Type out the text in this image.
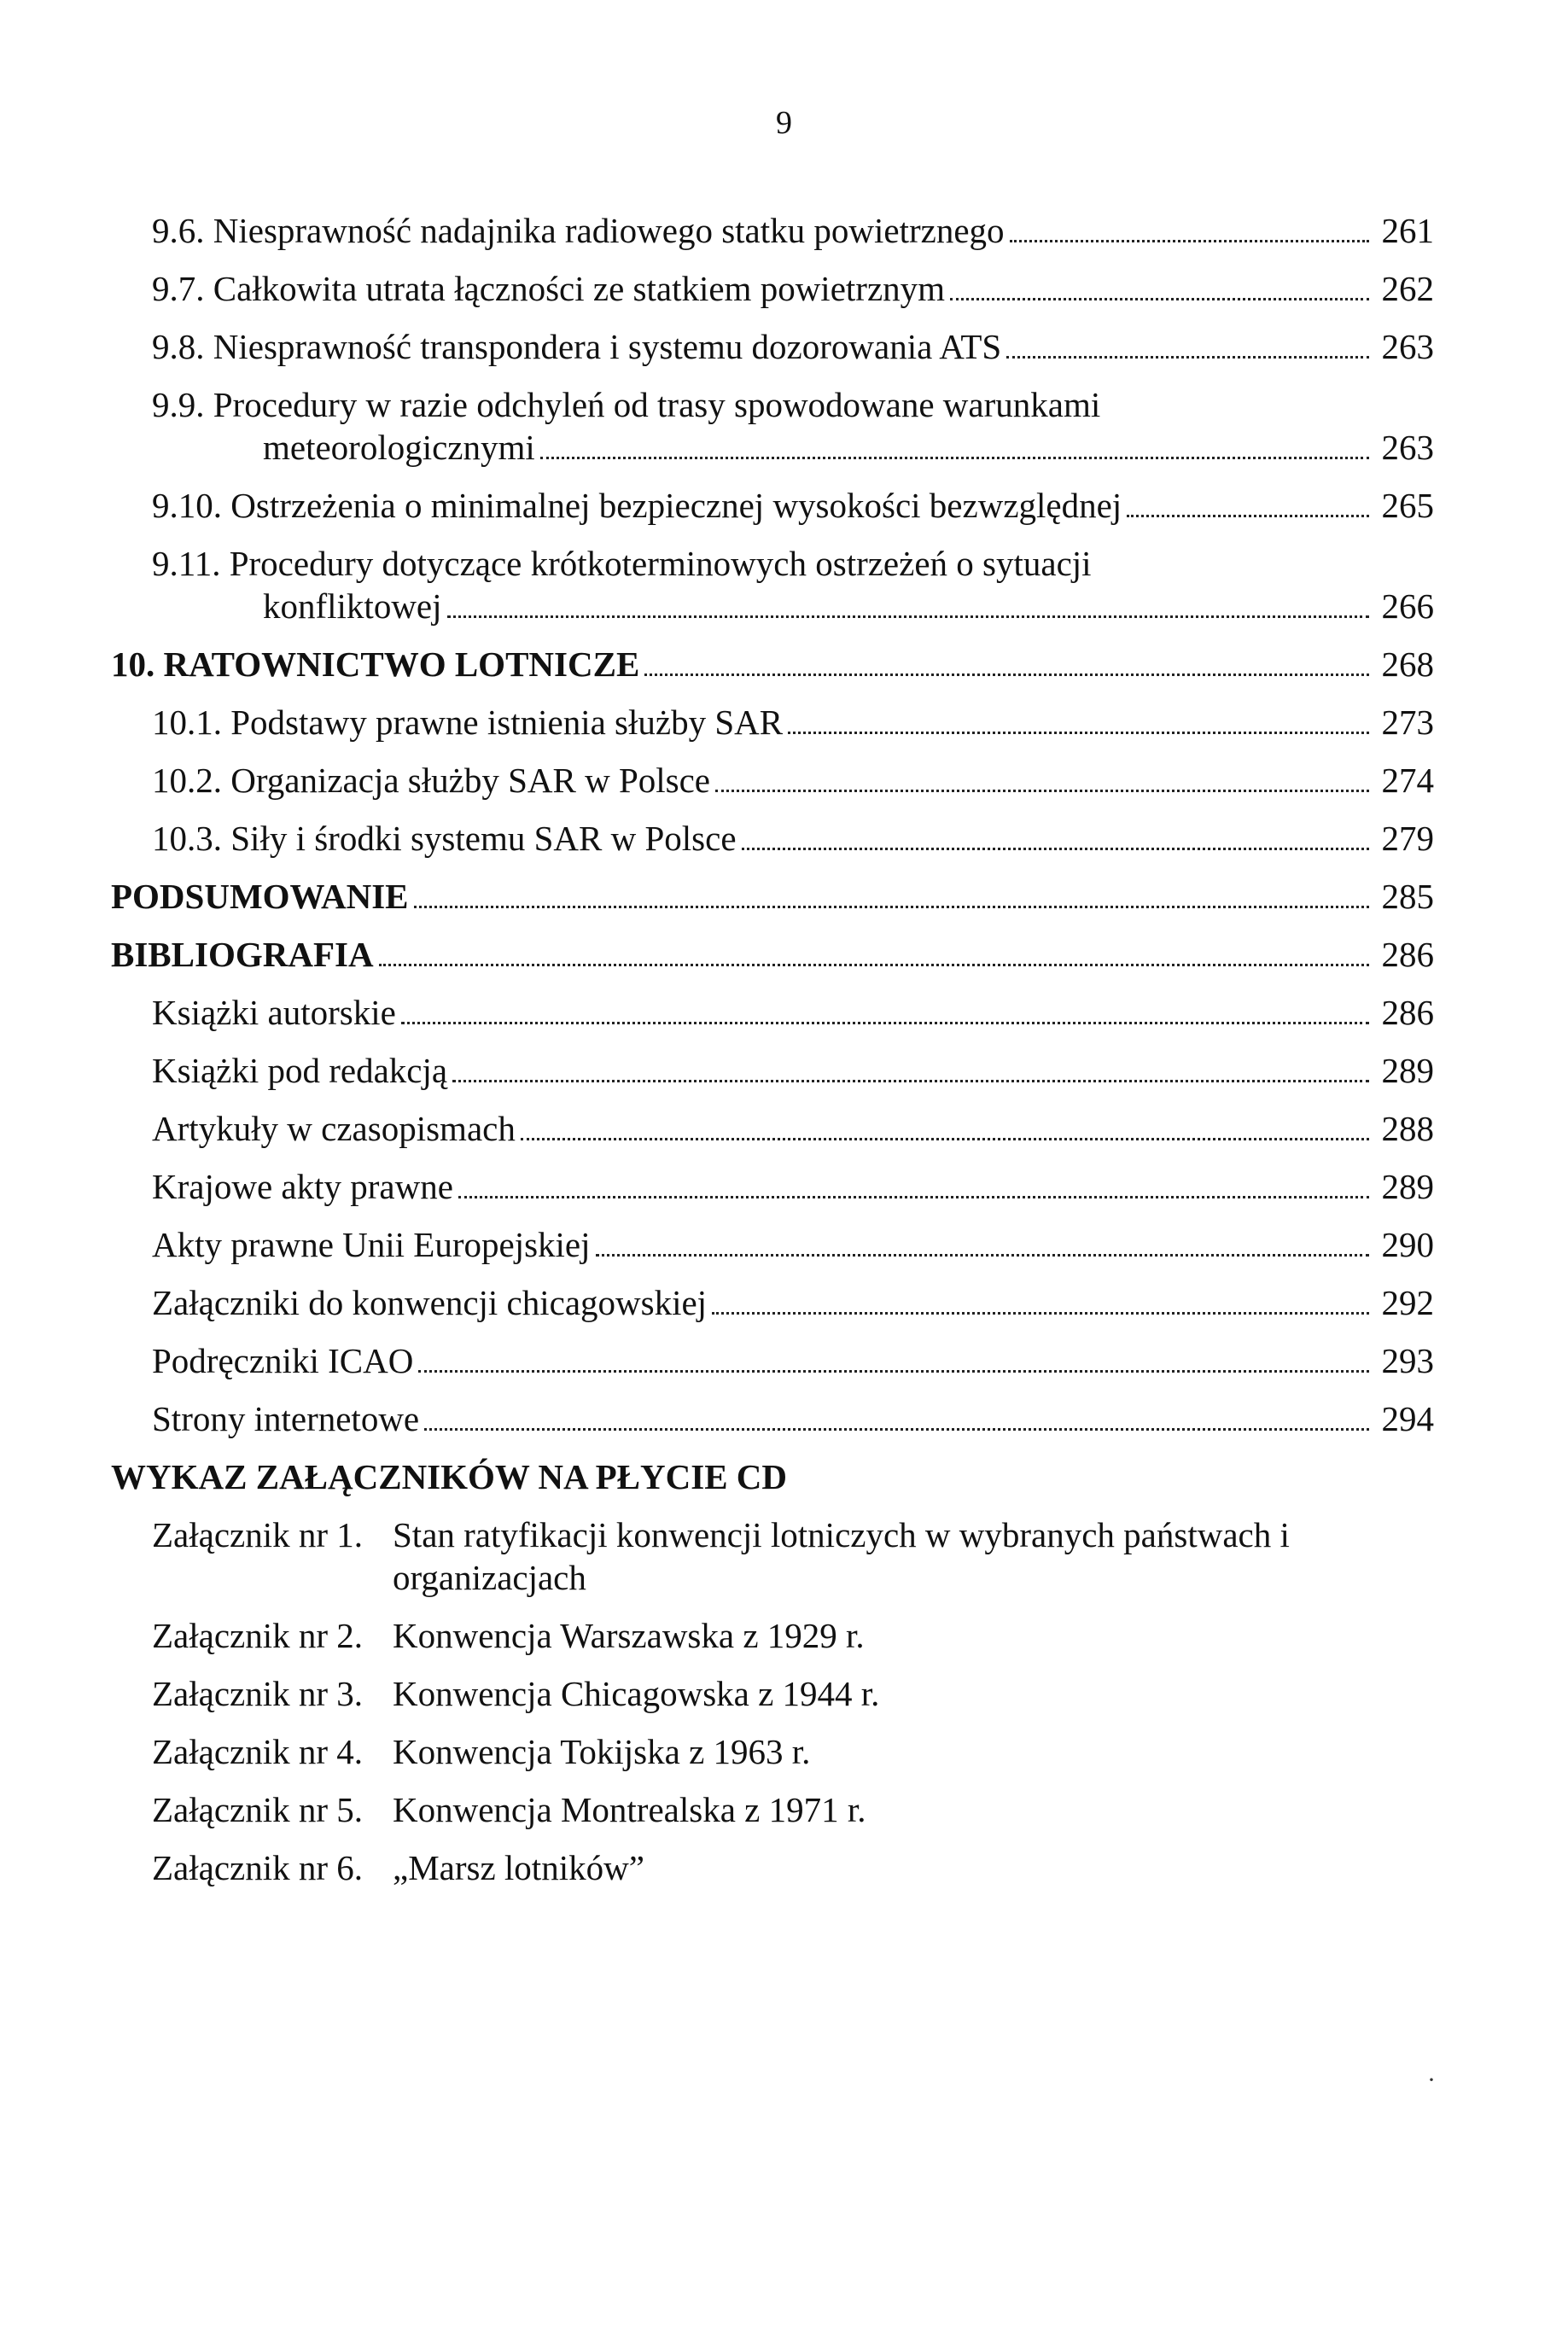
9
9.6. Niesprawność nadajnika radiowego statku powietrznego	261
9.7. Całkowita utrata łączności ze statkiem powietrznym	262
9.8. Niesprawność transpondera i systemu dozorowania ATS	263
9.9. Procedury w razie odchyleń od trasy spowodowane warunkami
meteorologicznymi	263
9.10. Ostrzeżenia o minimalnej bezpiecznej wysokości bezwzględnej	265
9.11. Procedury dotyczące krótkoterminowych ostrzeżeń o sytuacji
konfliktowej	266
10. RATOWNICTWO LOTNICZE	268
10.1. Podstawy prawne istnienia służby SAR	273
10.2. Organizacja służby SAR w Polsce	274
10.3. Siły i środki systemu SAR w Polsce	279
PODSUMOWANIE	285
BIBLIOGRAFIA	286
Książki autorskie	286
Książki pod redakcją	289
Artykuły w czasopismach	288
Krajowe akty prawne	289
Akty prawne Unii Europejskiej	290
Załączniki do konwencji chicagowskiej	292
Podręczniki ICAO	293
Strony internetowe	294
WYKAZ ZAŁĄCZNIKÓW NA PŁYCIE CD
Załącznik nr 1. Stan ratyfikacji konwencji lotniczych w wybranych państwach i organizacjach
Załącznik nr 2. Konwencja Warszawska z 1929 r.
Załącznik nr 3. Konwencja Chicagowska z 1944 r.
Załącznik nr 4. Konwencja Tokijska z 1963 r.
Załącznik nr 5. Konwencja Montrealska z 1971 r.
Załącznik nr 6. „Marsz lotników”
·
